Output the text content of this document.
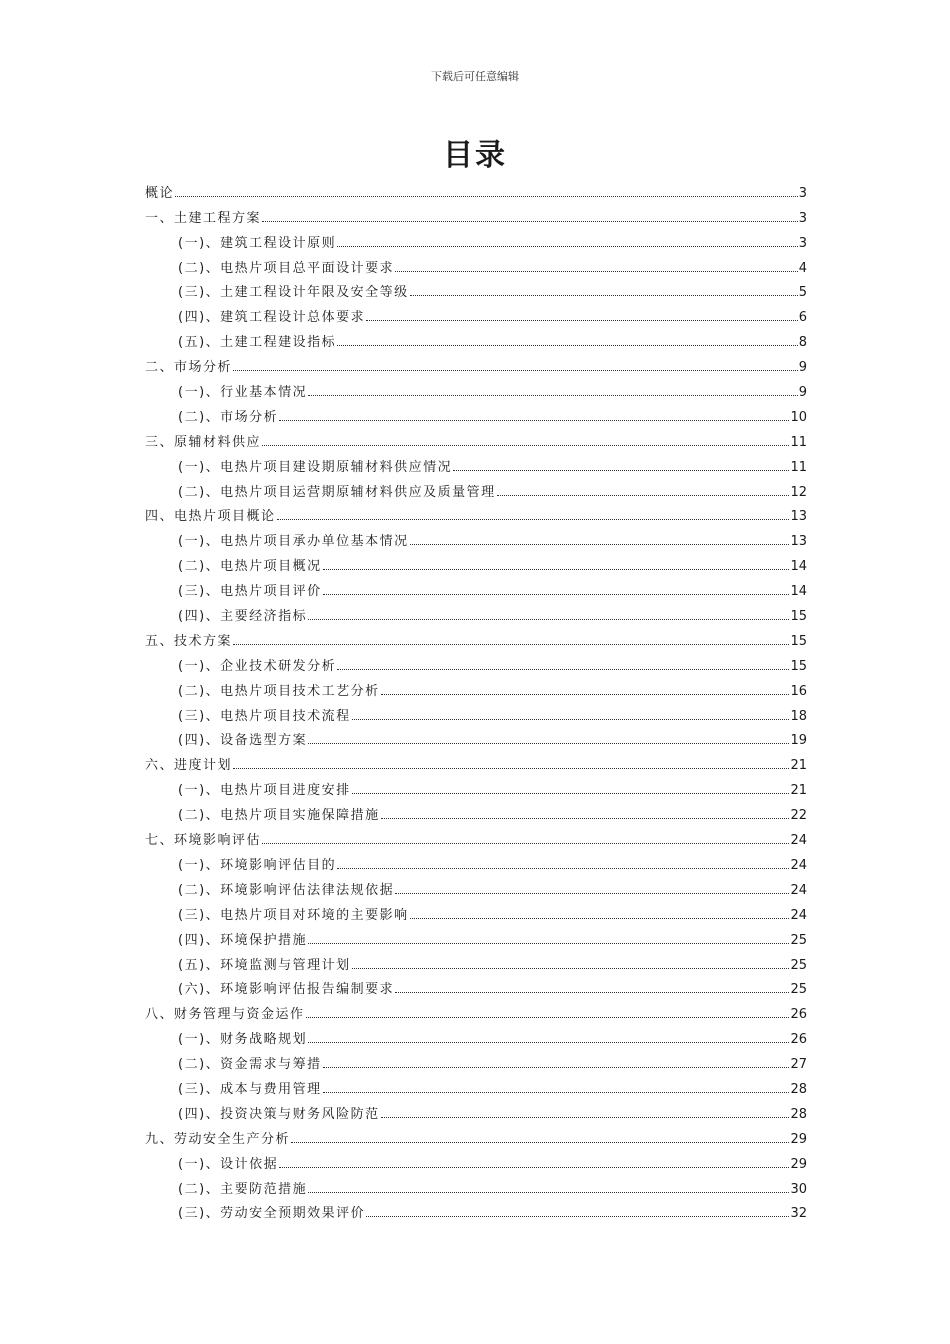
下载后可任意编辑
目录
概论	3
一、土建工程方案	3
(一)、建筑工程设计原则	3
(二)、电热片项目总平面设计要求	4
(三)、土建工程设计年限及安全等级	5
(四)、建筑工程设计总体要求	6
(五)、土建工程建设指标	8
二、市场分析	9
(一)、行业基本情况	9
(二)、市场分析	10
三、原辅材料供应	11
(一)、电热片项目建设期原辅材料供应情况	11
(二)、电热片项目运营期原辅材料供应及质量管理	12
四、电热片项目概论	13
(一)、电热片项目承办单位基本情况	13
(二)、电热片项目概况	14
(三)、电热片项目评价	14
(四)、主要经济指标	15
五、技术方案	15
(一)、企业技术研发分析	15
(二)、电热片项目技术工艺分析	16
(三)、电热片项目技术流程	18
(四)、设备选型方案	19
六、进度计划	21
(一)、电热片项目进度安排	21
(二)、电热片项目实施保障措施	22
七、环境影响评估	24
(一)、环境影响评估目的	24
(二)、环境影响评估法律法规依据	24
(三)、电热片项目对环境的主要影响	24
(四)、环境保护措施	25
(五)、环境监测与管理计划	25
(六)、环境影响评估报告编制要求	25
八、财务管理与资金运作	26
(一)、财务战略规划	26
(二)、资金需求与筹措	27
(三)、成本与费用管理	28
(四)、投资决策与财务风险防范	28
九、劳动安全生产分析	29
(一)、设计依据	29
(二)、主要防范措施	30
(三)、劳动安全预期效果评价	32
